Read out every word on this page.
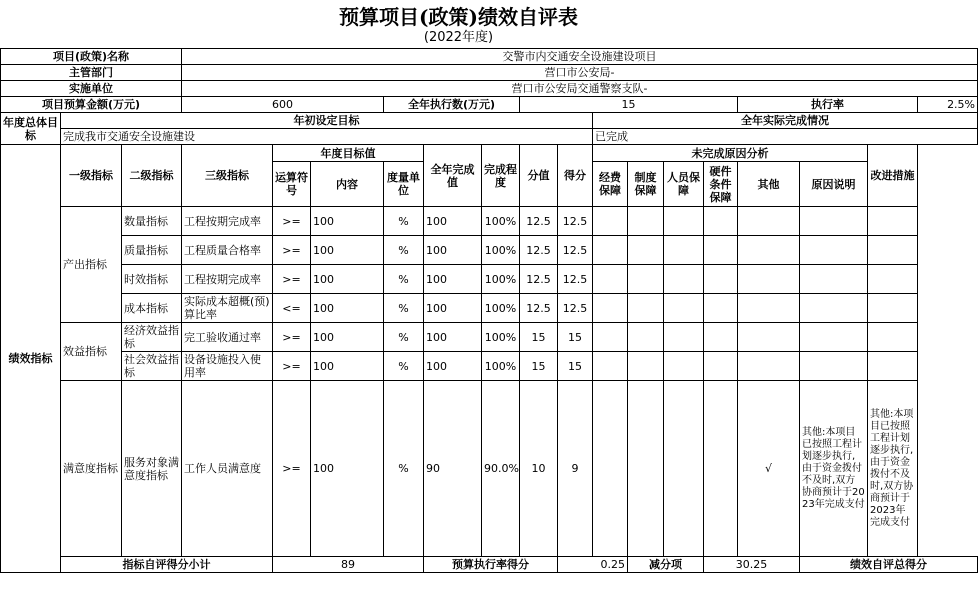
预算项目(政策)绩效自评表
(2022年度)
项目(政策)名称			交警市内交通安全设施建设项目																
主管部门			营口市公安局-																
实施单位			营口市公安局交通警察支队-																
项目预算金额(万元)			600			全年执行数(万元)			15						执行率			2.5%	
年度总体目标	年初设定目标										全年实际完成情况								
	完成我市交通安全设施建设										已完成								
绩效指标	一级指标	二级指标	三级指标	年度目标值			全年完成值	完成程度	分值	得分	未完成原因分析						改进措施		
				运算符号	内容	度量单位					经费保障	制度保障	人员保障	硬件条件保障	其他	原因说明			
	产出指标	数量指标	工程按期完成率	>=	100	%	100	100%	12.5	12.5									
		质量指标	工程质量合格率	>=	100	%	100	100%	12.5	12.5									
		时效指标	工程按期完成率	>=	100	%	100	100%	12.5	12.5									
		成本指标	实际成本超概(预)算比率	<=	100	%	100	100%	12.5	12.5									
	效益指标	经济效益指标	完工验收通过率	>=	100	%	100	100%	15	15									
		社会效益指标	设备设施投入使用率	>=	100	%	100	100%	15	15									
	满意度指标	服务对象满意度指标	工作人员满意度	>=	100	%	90	90.0%	10	9					√	其他:本项目已按照工程计划逐步执行,由于资金拨付不及时,双方协商预计于2023年完成支付	其他:本项目已按照工程计划逐步执行,由于资金拨付不及时,双方协商预计于2023年完成支付		
	指标自评得分小计			89			预算执行率得分			0.25		减分项		30.25		绩效自评总得分	
